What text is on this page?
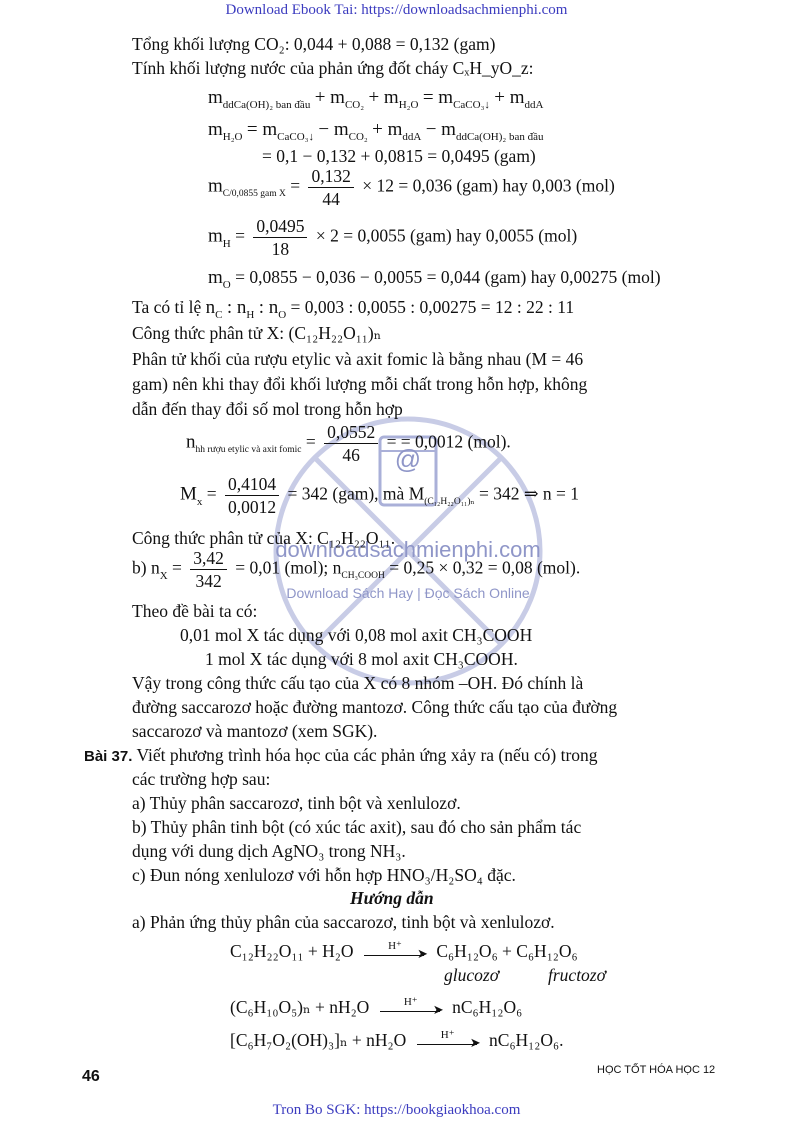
Download Ebook Tai: https://downloadsachmienphi.com
@
downloadsachmienphi.com
Download Sách Hay | Đọc Sách Online
Tổng khối lượng CO₂: 0,044 + 0,088 = 0,132 (gam)
Tính khối lượng nước của phản ứng đốt cháy CₓH_yO_z:
$m_{ddCa(OH)_2 ban đầu} + m_{CO_2} + m_{H_2O} = m_{CaCO_3↓} + m_{ddA}$
$m_{H_2O} = m_{CaCO_3↓} - m_{CO_2} + m_{ddA} - m_{ddCa(OH)_2 ban đầu}$
= 0,1 − 0,132 + 0,0815 = 0,0495 (gam)
$m_{C/0,0855 gam X} = \frac{0,132}{44} \times 12 = 0,036$ (gam) hay 0,003 (mol)
$m_H = \frac{0,0495}{18} \times 2 = 0,0055$ (gam) hay 0,0055 (mol)
$m_O = 0,0855 - 0,036 - 0,0055 = 0,044$ (gam) hay 0,00275 (mol)
Ta có tỉ lệ $n_C$ : $n_H$ : $n_O = 0,003$ : 0,0055 : 0,00275 = 12 : 22 : 11
Công thức phân tử X: (C₁₂H₂₂O₁₁)ₙ
Phân tử khối của rượu etylic và axit fomic là bằng nhau (M = 46
gam) nên khi thay đổi khối lượng mỗi chất trong hỗn hợp, không
dẫn đến thay đổi số mol trong hỗn hợp
$n_{hh rượu etylic và axit fomic} = \frac{0,0552}{46}$ = = 0,0012 (mol).
$M_x = \frac{0,4104}{0,0012} = 342$ (gam), mà $M_{(C_{12}H_{22}O_{11})_n} = 342$ ⇒ n = 1
Công thức phân tử của X: C₁₂H₂₂O₁₁.
b) $n_X = \frac{3,42}{342} = 0,01$ (mol); $n_{CH_3COOH} = 0,25 \times 0,32 = 0,08$ (mol).
Theo đề bài ta có:
0,01 mol X tác dụng với 0,08 mol axit CH₃COOH
1 mol X tác dụng với 8 mol axit CH₃COOH.
Vậy trong công thức cấu tạo của X có 8 nhóm –OH. Đó chính là
đường saccarozơ hoặc đường mantozơ. Công thức cấu tạo của đường
saccarozơ và mantozơ (xem SGK).
Bài 37. Viết phương trình hóa học của các phản ứng xảy ra (nếu có) trong
các trường hợp sau:
a) Thủy phân saccarozơ, tinh bột và xenlulozơ.
b) Thủy phân tinh bột (có xúc tác axit), sau đó cho sản phẩm tác
dụng với dung dịch AgNO₃ trong NH₃.
c) Đun nóng xenlulozơ với hỗn hợp HNO₃/H₂SO₄ đặc.
Hướng dẫn
a) Phản ứng thủy phân của saccarozơ, tinh bột và xenlulozơ.
C₁₂H₂₂O₁₁ + H₂O	H⁺
➤ C₆H₁₂O₆ + C₆H₁₂O₆
glucozơ	fructozơ
(C₆H₁₀O₅)ₙ + nH₂O	H⁺
➤ nC₆H₁₂O₆
[C₆H₇O₂(OH)₃]ₙ + nH₂O	H⁺
➤ nC₆H₁₂O₆.
46	HỌC TỐT HÓA HỌC 12
Tron Bo SGK: https://bookgiaokhoa.com
